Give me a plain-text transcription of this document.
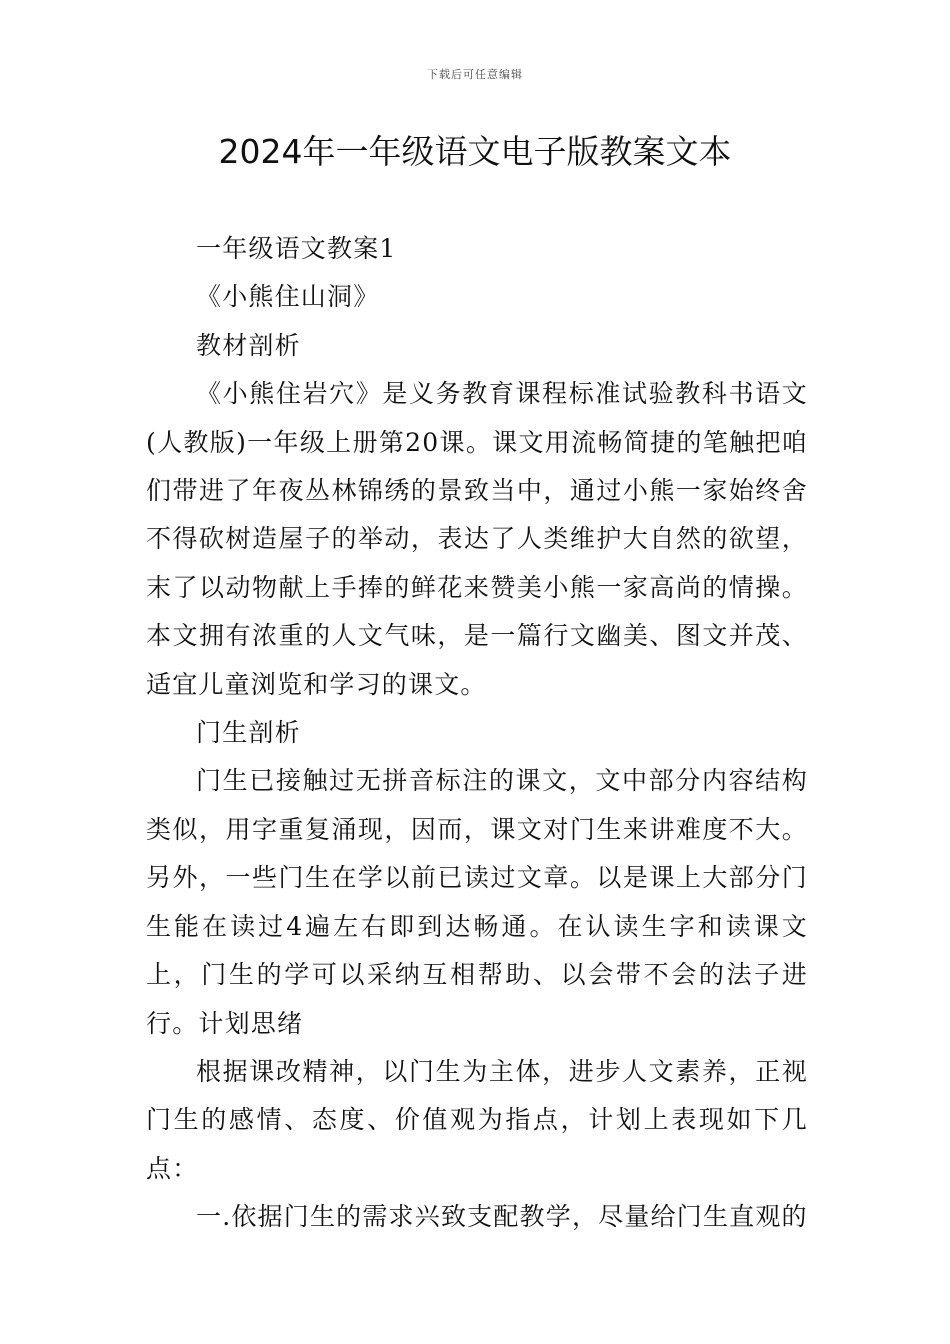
下载后可任意编辑
2024年一年级语文电子版教案文本

一年级语文教案1

《小熊住山洞》

教材剖析

《小熊住岩穴》是义务教育课程标准试验教科书语文(人教版)一年级上册第20课。课文用流畅简捷的笔触把咱们带进了年夜丛林锦绣的景致当中，通过小熊一家始终舍不得砍树造屋子的举动，表达了人类维护大自然的欲望，末了以动物献上手捧的鲜花来赞美小熊一家高尚的情操。本文拥有浓重的人文气味，是一篇行文幽美、图文并茂、适宜儿童浏览和学习的课文。

门生剖析

门生已接触过无拼音标注的课文，文中部分内容结构类似，用字重复涌现，因而，课文对门生来讲难度不大。另外，一些门生在学以前已读过文章。以是课上大部分门生能在读过4遍左右即到达畅通。在认读生字和读课文上，门生的学可以采纳互相帮助、以会带不会的法子进行。计划思绪

根据课改精神，以门生为主体，进步人文素养，正视门生的感情、态度、价值观为指点，计划上表现如下几点：

一.依据门生的需求兴致支配教学，尽量给门生直观的
